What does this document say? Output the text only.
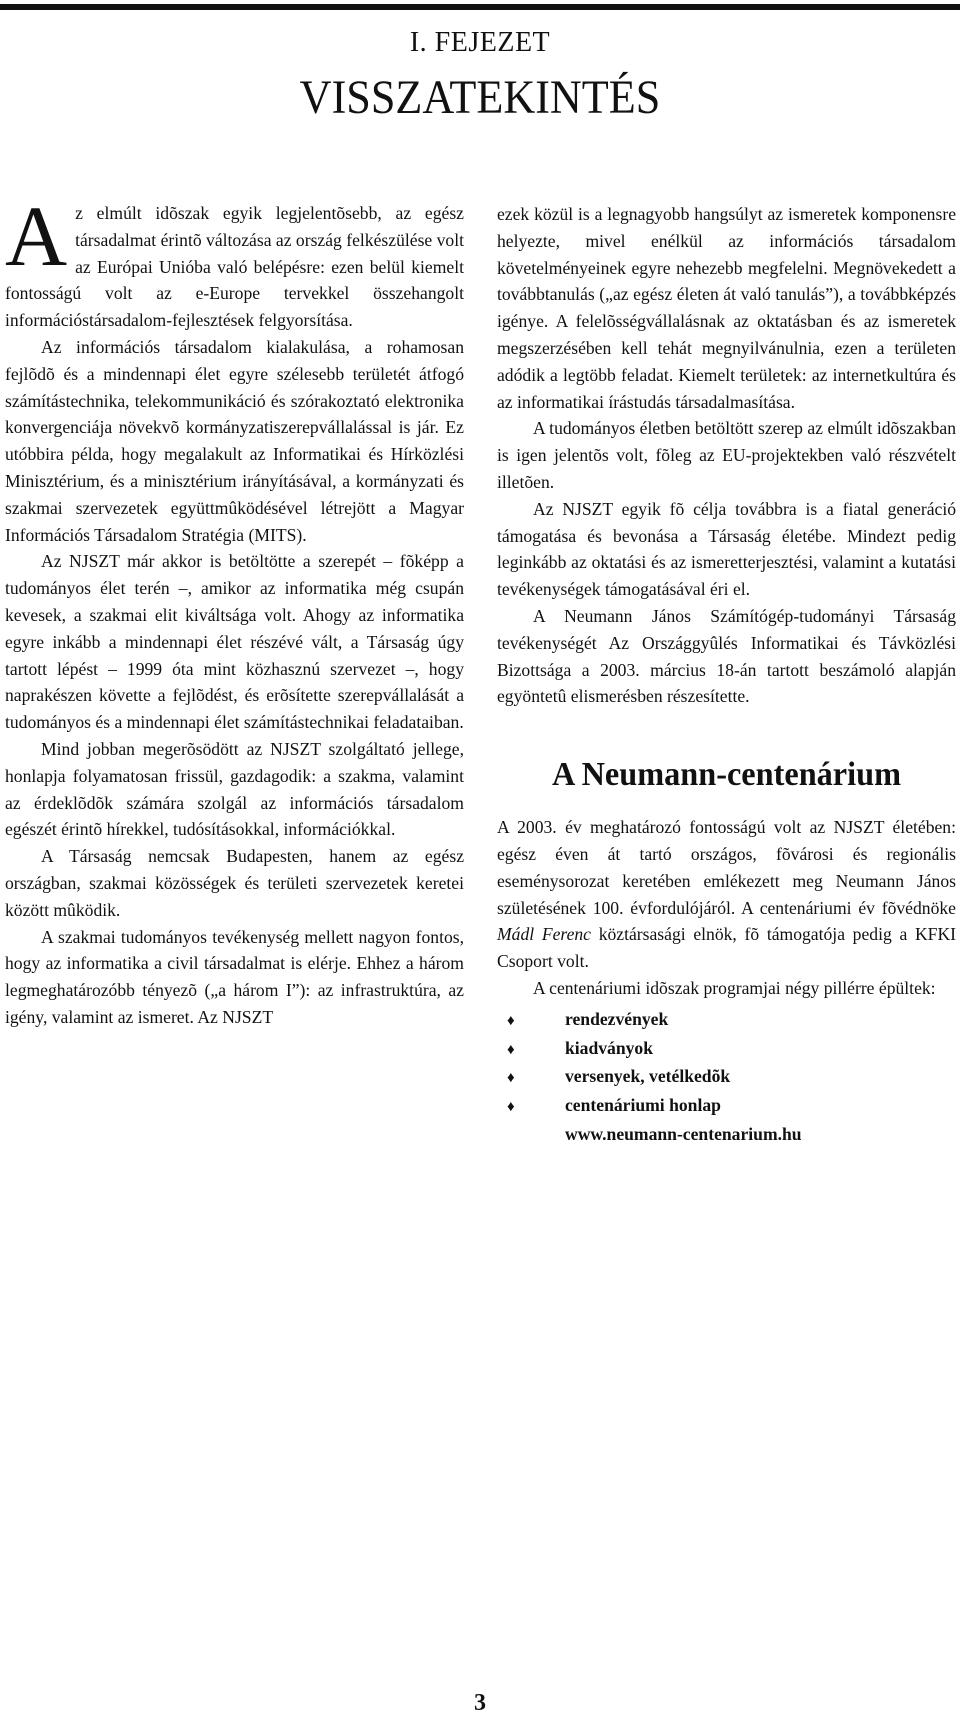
I. FEJEZET
VISSZATEKINTÉS

Az elmúlt idõszak egyik legjelentõsebb, az egész társadalmat érintõ változása az ország felkészülése volt az Európai Unióba való belépésre: ezen belül kiemelt fontosságú volt az e-Europe tervekkel összehangolt információstársadalom-fejlesztések felgyorsítása.

Az információs társadalom kialakulása, a rohamosan fejlõdõ és a mindennapi élet egyre szélesebb területét átfogó számítástechnika, telekommunikáció és szórakoztató elektronika konvergenciája növekvõ kormányzatiszerepvállalással is jár. Ez utóbbira példa, hogy megalakult az Informatikai és Hírközlési Minisztérium, és a minisztérium irányításával, a kormányzati és szakmai szervezetek együttmûködésével létrejött a Magyar Információs Társadalom Stratégia (MITS).

Az NJSZT már akkor is betöltötte a szerepét – fõképp a tudományos élet terén –, amikor az informatika még csupán kevesek, a szakmai elit kiváltsága volt. Ahogy az informatika egyre inkább a mindennapi élet részévé vált, a Társaság úgy tartott lépést – 1999 óta mint közhasznú szervezet –, hogy naprakészen követte a fejlõdést, és erõsítette szerepvállalását a tudományos és a mindennapi élet számítástechnikai feladataiban.

Mind jobban megerõsödött az NJSZT szolgáltató jellege, honlapja folyamatosan frissül, gazdagodik: a szakma, valamint az érdeklõdõk számára szolgál az információs társadalom egészét érintõ hírekkel, tudósításokkal, információkkal.

A Társaság nemcsak Budapesten, hanem az egész országban, szakmai közösségek és területi szervezetek keretei között mûködik.

A szakmai tudományos tevékenység mellett nagyon fontos, hogy az informatika a civil társadalmat is elérje. Ehhez a három legmeghatározóbb tényezõ („a három I”): az infrastruktúra, az igény, valamint az ismeret. Az NJSZT

ezek közül is a legnagyobb hangsúlyt az ismeretek komponensre helyezte, mivel enélkül az információs társadalom követelményeinek egyre nehezebb megfelelni. Megnövekedett a továbbtanulás („az egész életen át való tanulás”), a továbbképzés igénye. A felelõsségvállalásnak az oktatásban és az ismeretek megszerzésében kell tehát megnyilvánulnia, ezen a területen adódik a legtöbb feladat. Kiemelt területek: az internetkultúra és az informatikai írástudás társadalmasítása.

A tudományos életben betöltött szerep az elmúlt idõszakban is igen jelentõs volt, fõleg az EU-projektekben való részvételt illetõen.

Az NJSZT egyik fõ célja továbbra is a fiatal generáció támogatása és bevonása a Társaság életébe. Mindezt pedig leginkább az oktatási és az ismeretterjesztési, valamint a kutatási tevékenységek támogatásával éri el.

A Neumann János Számítógép-tudományi Társaság tevékenységét Az Országgyûlés Informatikai és Távközlési Bizottsága a 2003. március 18-án tartott beszámoló alapján egyöntetû elismerésben részesítette.

A Neumann-centenárium

A 2003. év meghatározó fontosságú volt az NJSZT életében: egész éven át tartó országos, fõvárosi és regionális eseménysorozat keretében emlékezett meg Neumann János születésének 100. évfordulójáról. A centenáriumi év fõvédnöke Mádl Ferenc köztársasági elnök, fõ támogatója pedig a KFKI Csoport volt.

A centenáriumi idõszak programjai négy pillérre épültek:

♦	rendezvények
♦	kiadványok
♦	versenyek, vetélkedõk
♦	centenáriumi honlap
www.neumann-centenarium.hu
3
